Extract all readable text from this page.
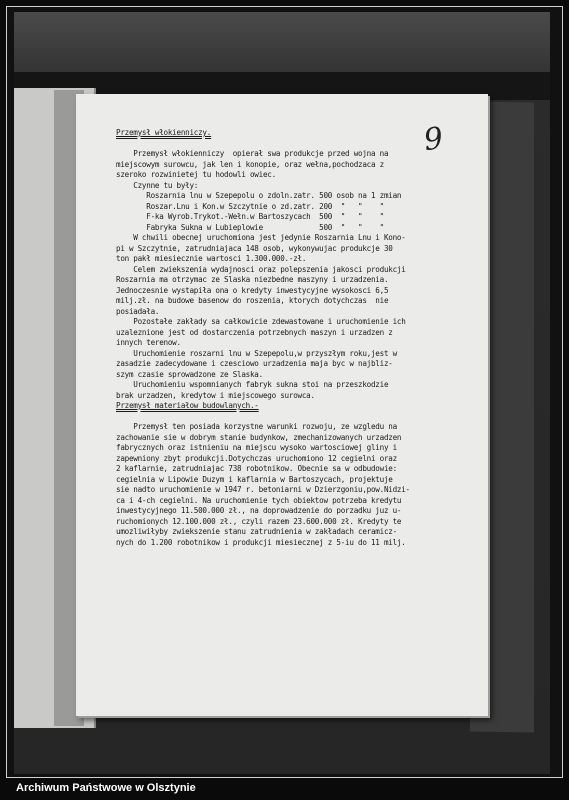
9
Przemysł włokienniczy.

Przemysł włokienniczy  opierał swa produkcje przed wojna na
miejscowym surowcu, jak len i konopie, oraz wełna,pochodzaca z
szeroko rozwinietej tu hodowli owiec.
Czynne tu były:
Roszarnia lnu w Szepepolu o zdoln.zatr. 500 osob na 1 zmian
Roszar.Lnu i Kon.w Szczytnie o zd.zatr. 200  "   "    "
F-ka Wyrob.Trykot.-Wełn.w Bartoszycach  500  "   "    "
Fabryka Sukna w Lubieplowie             500  "   "    "
W chwili obecnej uruchomiona jest jedynie Roszarnia Lnu i Kono-
pi w Szczytnie, zatrudniajaca 148 osob, wykonywujac produkcje 30
ton pakł miesiecznie wartosci 1.300.000.-zł.
Celem zwiekszenia wydajnosci oraz polepszenia jakosci produkcji
Roszarnia ma otrzymac ze Slaska niezbedne maszyny i urzadzenia.
Jednoczesnie wystapiła ona o kredyty inwestycyjne wysokosci 6,5
milj.zł. na budowe basenow do roszenia, ktorych dotychczas  nie
posiadała.
Pozostałe zakłady sa całkowicie zdewastowane i uruchomienie ich
uzaleznione jest od dostarczenia potrzebnych maszyn i urzadzen z
innych terenow.
Uruchomienie roszarni lnu w Szepepolu,w przyszłym roku,jest w
zasadzie zadecydowane i czesciowo urzadzenia maja byc w najbliz-
szym czasie sprowadzone ze Slaska.
Uruchomieniu wspomnianych fabryk sukna stoi na przeszkodzie
brak urzadzen, kredytow i miejscowego surowca.
Przemysł materiałow budowlanych.-

Przemysł ten posiada korzystne warunki rozwoju, ze wzgledu na
zachowanie sie w dobrym stanie budynkow, zmechanizowanych urzadzen
fabrycznych oraz istnieniu na miejscu wysoko wartosciowej gliny i
zapewniony zbyt produkcji.Dotychczas uruchomiono 12 cegielni oraz
2 kaflarnie, zatrudniajac 738 robotnikow. Obecnie sa w odbudowie:
cegielnia w Lipowie Duzym i kaflarnia w Bartoszycach, projektuje
sie nadto uruchomienie w 1947 r. betoniarni w Dzierzgoniu,pow.Nidzi-
ca i 4-ch cegielni. Na uruchomienie tych obiektow potrzeba kredytu
inwestycyjnego 11.500.000 zł., na doprowadzenie do porzadku juz u-
ruchomionych 12.100.000 zł., czyli razem 23.600.000 zł. Kredyty te
umozliwiłyby zwiekszenie stanu zatrudnienia w zakładach ceramicz-
nych do 1.200 robotnikow i produkcji miesiecznej z 5-iu do 11 milj.
Archiwum Państwowe w Olsztynie
